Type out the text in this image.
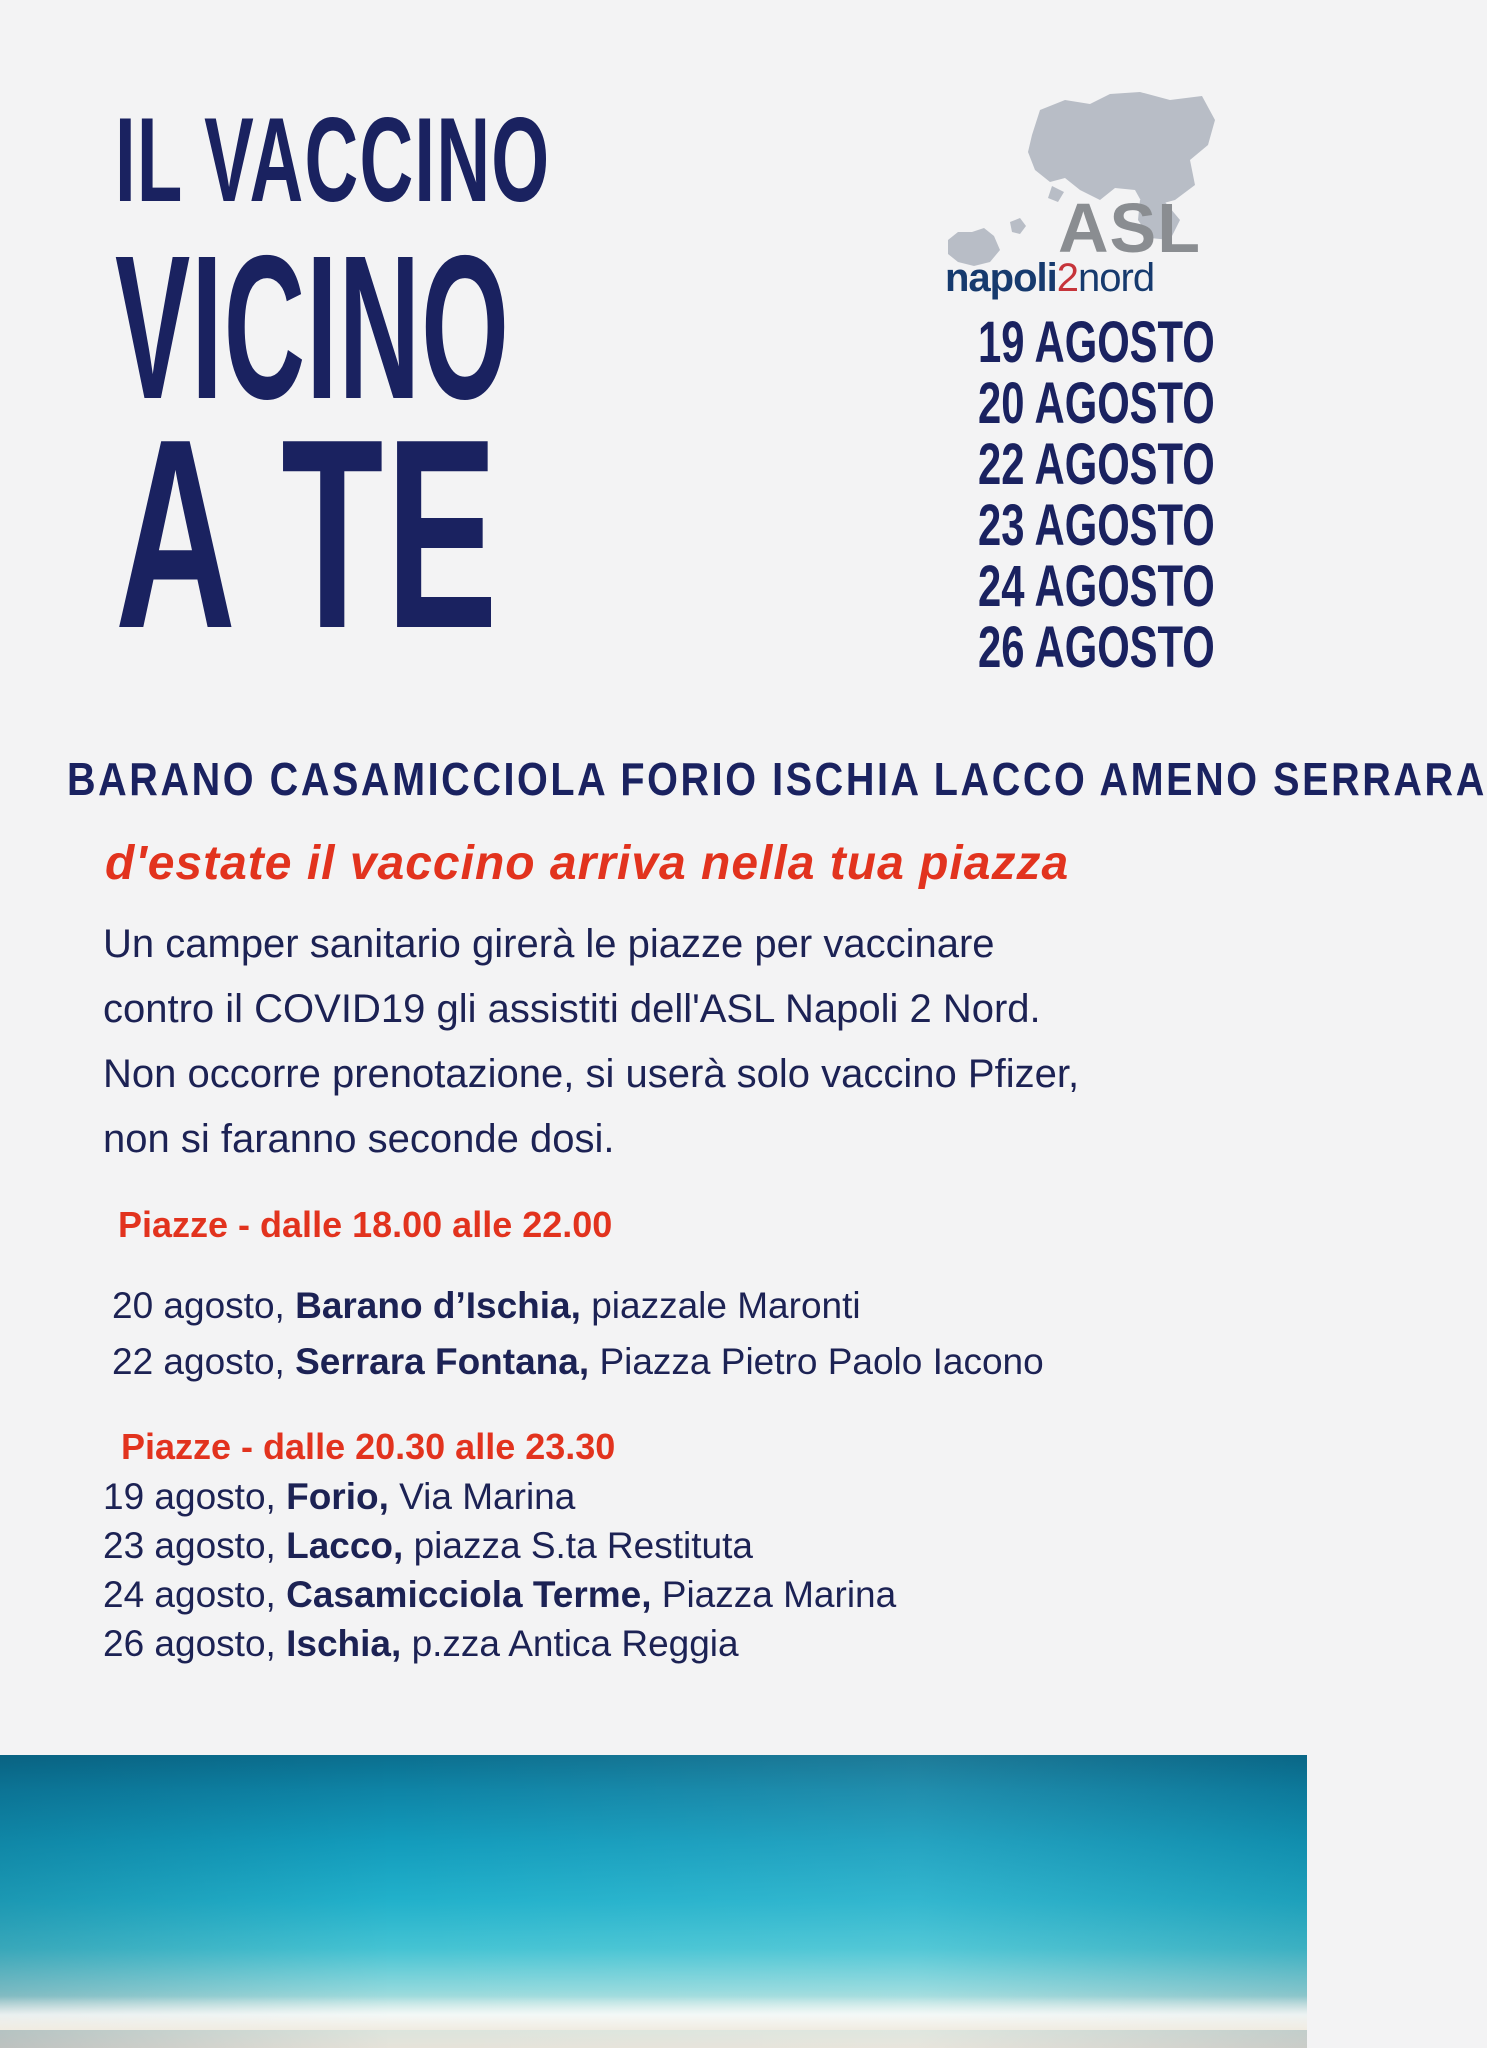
IL VACCINO
VICINO
A TE
ASL
napoli2nord
19 AGOSTO
20 AGOSTO
22 AGOSTO
23 AGOSTO
24 AGOSTO
26 AGOSTO
BARANO CASAMICCIOLA FORIO ISCHIA LACCO AMENO SERRARA
d'estate il vaccino arriva nella tua piazza

Un camper sanitario girerà le piazze per vaccinare

contro il COVID19 gli assistiti dell'ASL Napoli 2 Nord.

Non occorre prenotazione, si userà solo vaccino Pfizer,

non si faranno seconde dosi.

Piazze - dalle 18.00 alle 22.00
20 agosto, Barano d’Ischia, piazzale Maronti
22 agosto, Serrara Fontana, Piazza Pietro Paolo Iacono
Piazze - dalle 20.30 alle 23.30
19 agosto, Forio, Via Marina
23 agosto, Lacco, piazza S.ta Restituta
24 agosto, Casamicciola Terme, Piazza Marina
26 agosto, Ischia, p.zza Antica Reggia
